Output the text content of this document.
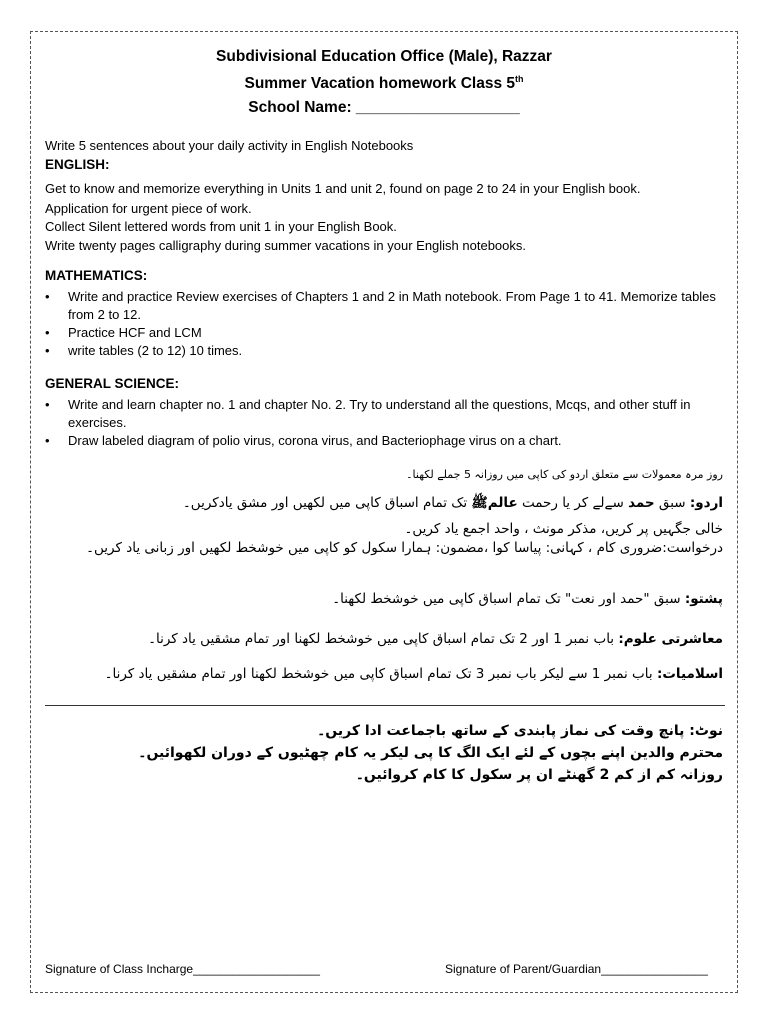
Subdivisional Education Office (Male), Razzar
Summer Vacation homework Class 5th
School Name: ___________________
Write 5 sentences about your daily activity in English Notebooks
ENGLISH:
Get to know and memorize everything in Units 1 and unit 2, found on page 2 to 24 in your English book.
Application for urgent piece of work.
Collect Silent lettered words from unit 1 in your English Book.
Write twenty pages calligraphy during summer vacations in your English notebooks.
MATHEMATICS:
• Write and practice Review exercises of Chapters 1 and 2 in Math notebook. From Page 1 to 41. Memorize tables from 2 to 12.
• Practice HCF and LCM
• write tables (2 to 12) 10 times.
GENERAL SCIENCE:
• Write and learn chapter no. 1 and chapter No. 2. Try to understand all the questions, Mcqs, and other stuff in exercises.
• Draw labeled diagram of polio virus, corona virus, and Bacteriophage virus on a chart.
روز مرہ معمولات سے متعلق اردو کی کاپی میں روزانہ 5 جملے لکھنا۔
اردو: سبق حمد سےلے کر یا رحمت عالمﷺ تک تمام اسباق کاپی میں لکھیں اور مشق یادکریں۔
خالی جگہیں پر کریں، مذکر مونث ، واحد اجمع یاد کریں۔
درخواست:ضروری کام ، کہانی: پیاسا کوا ،مضمون: ہمارا سکول کو کاپی میں خوشخط لکھیں اور زبانی یاد کریں۔
پشتو: سبق "حمد اور نعت" تک تمام اسباق کاپی میں خوشخط لکھنا۔
معاشرتی علوم: باب نمبر 1 اور 2 تک تمام اسباق کاپی میں خوشخط لکھنا اور تمام مشقیں یاد کرنا۔
اسلامیات: باب نمبر 1 سے لیکر باب نمبر 3 تک تمام اسباق کاپی میں خوشخط لکھنا اور تمام مشقیں یاد کرنا۔
نوٹ: پانچ وقت کی نماز پابندی کے ساتھ باجماعت ادا کریں۔
محترم والدین اپنے بچوں کے لئے ایک الگ کا پی لیکر یہ کام چھٹیوں کے دوران لکھوائیں۔
روزانہ کم از کم 2 گھنٹے ان پر سکول کا کام کروائیں۔
Signature of Class Incharge___________________	Signature of Parent/Guardian________________
